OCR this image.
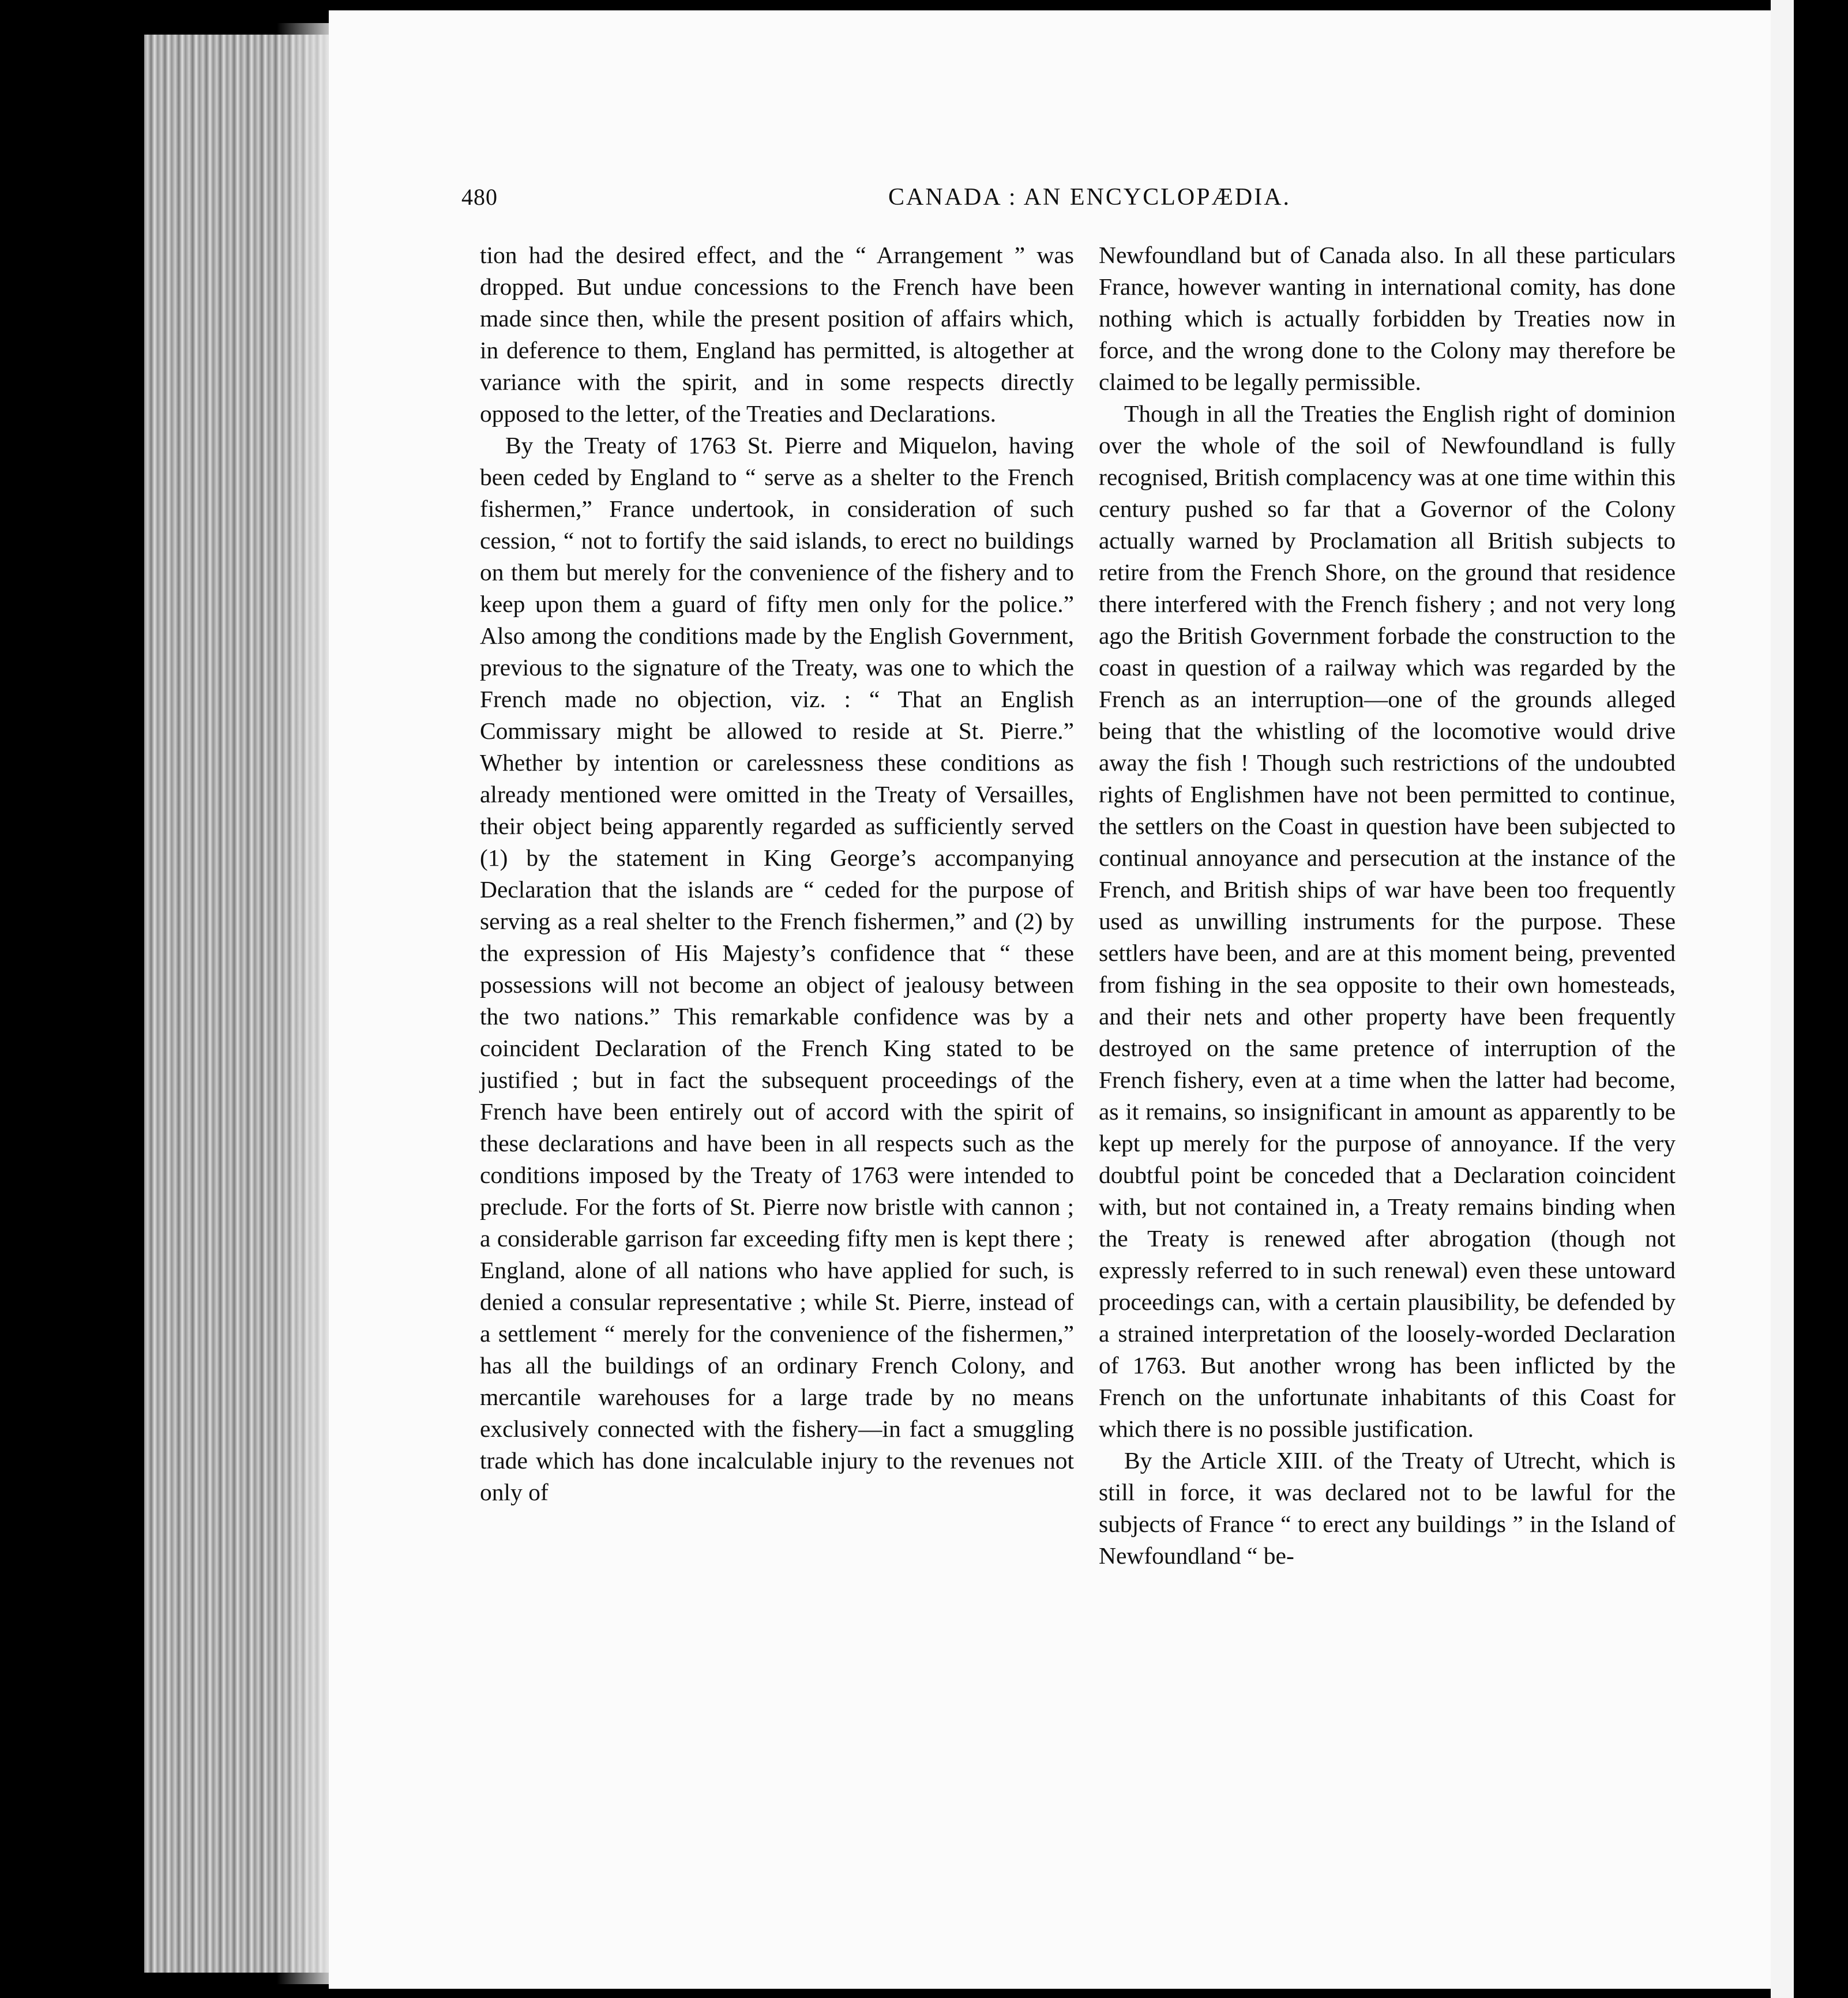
480	CANADA : AN ENCYCLOPÆDIA.

tion had the desired effect, and the “ Arrangement ” was dropped. But undue concessions to the French have been made since then, while the present position of affairs which, in deference to them, England has permitted, is altogether at variance with the spirit, and in some respects directly opposed to the letter, of the Treaties and Declarations.

By the Treaty of 1763 St. Pierre and Miquelon, having been ceded by England to “ serve as a shelter to the French fishermen,” France undertook, in consideration of such cession, “ not to fortify the said islands, to erect no buildings on them but merely for the convenience of the fishery and to keep upon them a guard of fifty men only for the police.” Also among the conditions made by the English Government, previous to the signature of the Treaty, was one to which the French made no objection, viz. : “ That an English Commissary might be allowed to reside at St. Pierre.” Whether by intention or carelessness these conditions as already mentioned were omitted in the Treaty of Versailles, their object being apparently regarded as sufficiently served (1) by the statement in King George’s accompanying Declaration that the islands are “ ceded for the purpose of serving as a real shelter to the French fishermen,” and (2) by the expression of His Majesty’s confidence that “ these possessions will not become an object of jealousy between the two nations.” This remarkable confidence was by a coincident Declaration of the French King stated to be justified ; but in fact the subsequent proceedings of the French have been entirely out of accord with the spirit of these declarations and have been in all respects such as the conditions imposed by the Treaty of 1763 were intended to preclude. For the forts of St. Pierre now bristle with cannon ; a considerable garrison far exceeding fifty men is kept there ; England, alone of all nations who have applied for such, is denied a consular representative ; while St. Pierre, instead of a settlement “ merely for the convenience of the fishermen,” has all the buildings of an ordinary French Colony, and mercantile warehouses for a large trade by no means exclusively connected with the fishery—in fact a smuggling trade which has done incalculable injury to the revenues not only of

Newfoundland but of Canada also. In all these particulars France, however wanting in international comity, has done nothing which is actually forbidden by Treaties now in force, and the wrong done to the Colony may therefore be claimed to be legally permissible.

Though in all the Treaties the English right of dominion over the whole of the soil of Newfoundland is fully recognised, British complacency was at one time within this century pushed so far that a Governor of the Colony actually warned by Proclamation all British subjects to retire from the French Shore, on the ground that residence there interfered with the French fishery ; and not very long ago the British Government forbade the construction to the coast in question of a railway which was regarded by the French as an interruption—one of the grounds alleged being that the whistling of the locomotive would drive away the fish ! Though such restrictions of the undoubted rights of Englishmen have not been permitted to continue, the settlers on the Coast in question have been subjected to continual annoyance and persecution at the instance of the French, and British ships of war have been too frequently used as unwilling instruments for the purpose. These settlers have been, and are at this moment being, prevented from fishing in the sea opposite to their own homesteads, and their nets and other property have been frequently destroyed on the same pretence of interruption of the French fishery, even at a time when the latter had become, as it remains, so insignificant in amount as apparently to be kept up merely for the purpose of annoyance. If the very doubtful point be conceded that a Declaration coincident with, but not contained in, a Treaty remains binding when the Treaty is renewed after abrogation (though not expressly referred to in such renewal) even these untoward proceedings can, with a certain plausibility, be defended by a strained interpretation of the loosely-worded Declaration of 1763. But another wrong has been inflicted by the French on the unfortunate inhabitants of this Coast for which there is no possible justification.

By the Article XIII. of the Treaty of Utrecht, which is still in force, it was declared not to be lawful for the subjects of France “ to erect any buildings ” in the Island of Newfoundland “ be-
